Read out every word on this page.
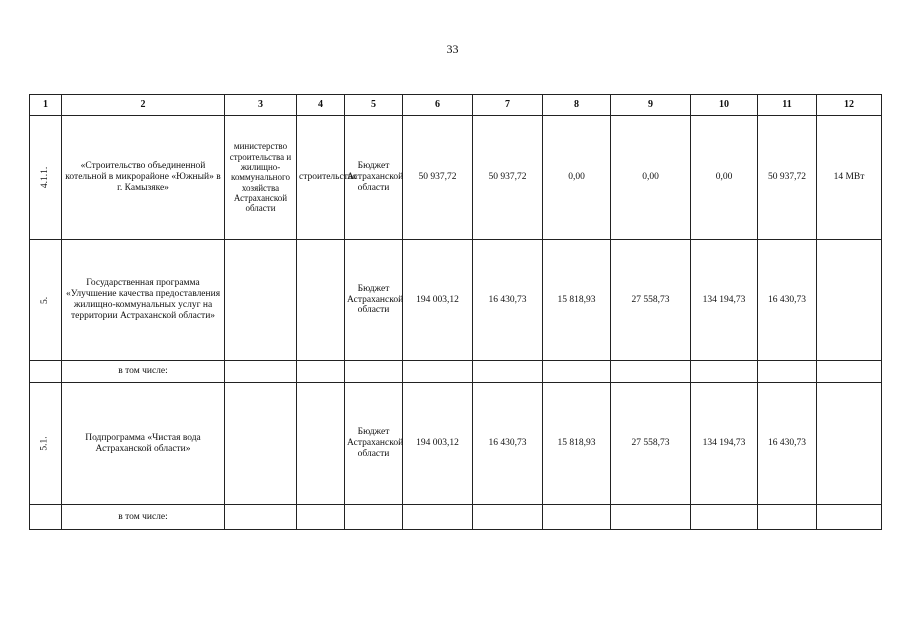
33
1	2	3	4	5	6	7	8	9	10	11	12
4.1.1.	«Строительство объединенной котельной в микрорайоне «Южный» в г. Камызяке»	министерство строительства и жилищно-коммунального хозяйства Астраханской области	строительство	Бюджет Астраханской области	50 937,72	50 937,72	0,00	0,00	0,00	50 937,72	14 МВт
5.	Государственная программа «Улучшение качества предоставления жилищно-коммунальных услуг на территории Астраханской области»			Бюджет Астраханской области	194 003,12	16 430,73	15 818,93	27 558,73	134 194,73	16 430,73	
	в том числе:										
5.1.	Подпрограмма «Чистая вода Астраханской области»			Бюджет Астраханской области	194 003,12	16 430,73	15 818,93	27 558,73	134 194,73	16 430,73	
	в том числе:										
